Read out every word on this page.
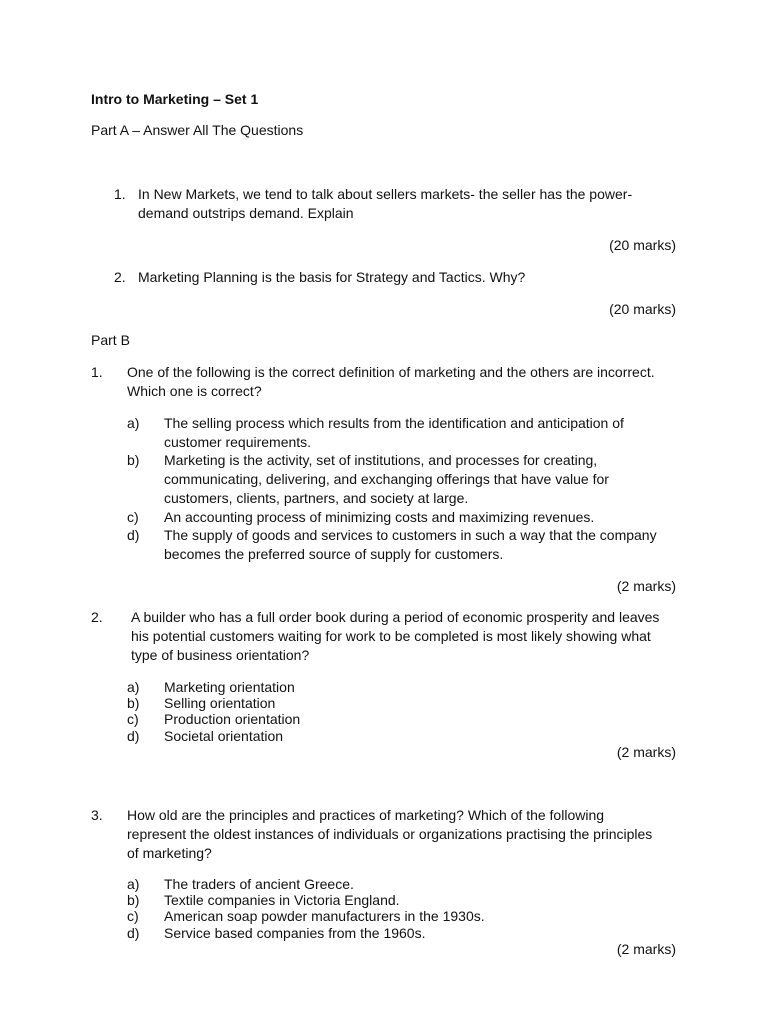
Intro to Marketing – Set 1

Part A – Answer All The Questions

1. In New Markets, we tend to talk about sellers markets- the seller has the power- demand outstrips demand. Explain

(20 marks)

2. Marketing Planning is the basis for Strategy and Tactics. Why?

(20 marks)

Part B

1.	One of the following is the correct definition of marketing and the others are incorrect. Which one is correct?

a)	The selling process which results from the identification and anticipation of customer requirements.

b)	Marketing is the activity, set of institutions, and processes for creating, communicating, delivering, and exchanging offerings that have value for customers, clients, partners, and society at large.

c)	An accounting process of minimizing costs and maximizing revenues.

d)	The supply of goods and services to customers in such a way that the company becomes the preferred source of supply for customers.

(2 marks)

2.	A builder who has a full order book during a period of economic prosperity and leaves his potential customers waiting for work to be completed is most likely showing what type of business orientation?

a)	Marketing orientation

b)	Selling orientation

c)	Production orientation

d)	Societal orientation

(2 marks)

3.	How old are the principles and practices of marketing? Which of the following represent the oldest instances of individuals or organizations practising the principles of marketing?

a)	The traders of ancient Greece.

b)	Textile companies in Victoria England.

c)	American soap powder manufacturers in the 1930s.

d)	Service based companies from the 1960s.

(2 marks)
